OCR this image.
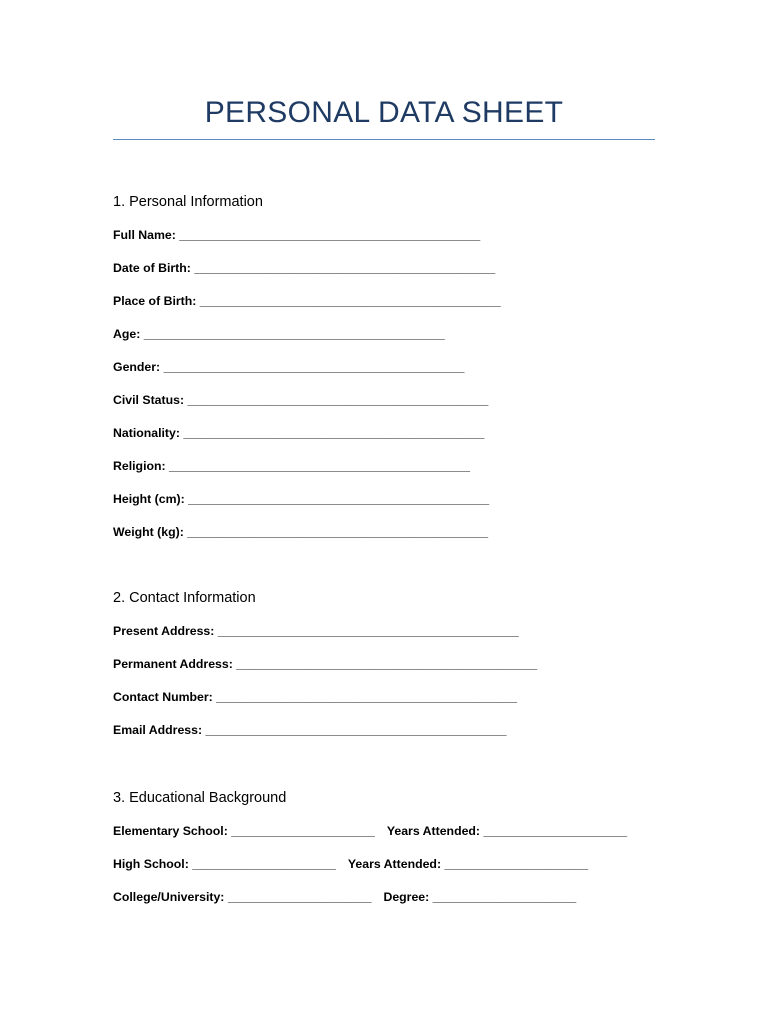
PERSONAL DATA SHEET
1. Personal Information
Full Name: ____________________________________________
Date of Birth: ____________________________________________
Place of Birth: ____________________________________________
Age: ____________________________________________
Gender: ____________________________________________
Civil Status: ____________________________________________
Nationality: ____________________________________________
Religion: ____________________________________________
Height (cm): ____________________________________________
Weight (kg): ____________________________________________
2. Contact Information
Present Address: ____________________________________________
Permanent Address: ____________________________________________
Contact Number: ____________________________________________
Email Address: ____________________________________________
3. Educational Background
Elementary School: _____________________ Years Attended: _____________________
High School: _____________________ Years Attended: _____________________
College/University: _____________________ Degree: _____________________
